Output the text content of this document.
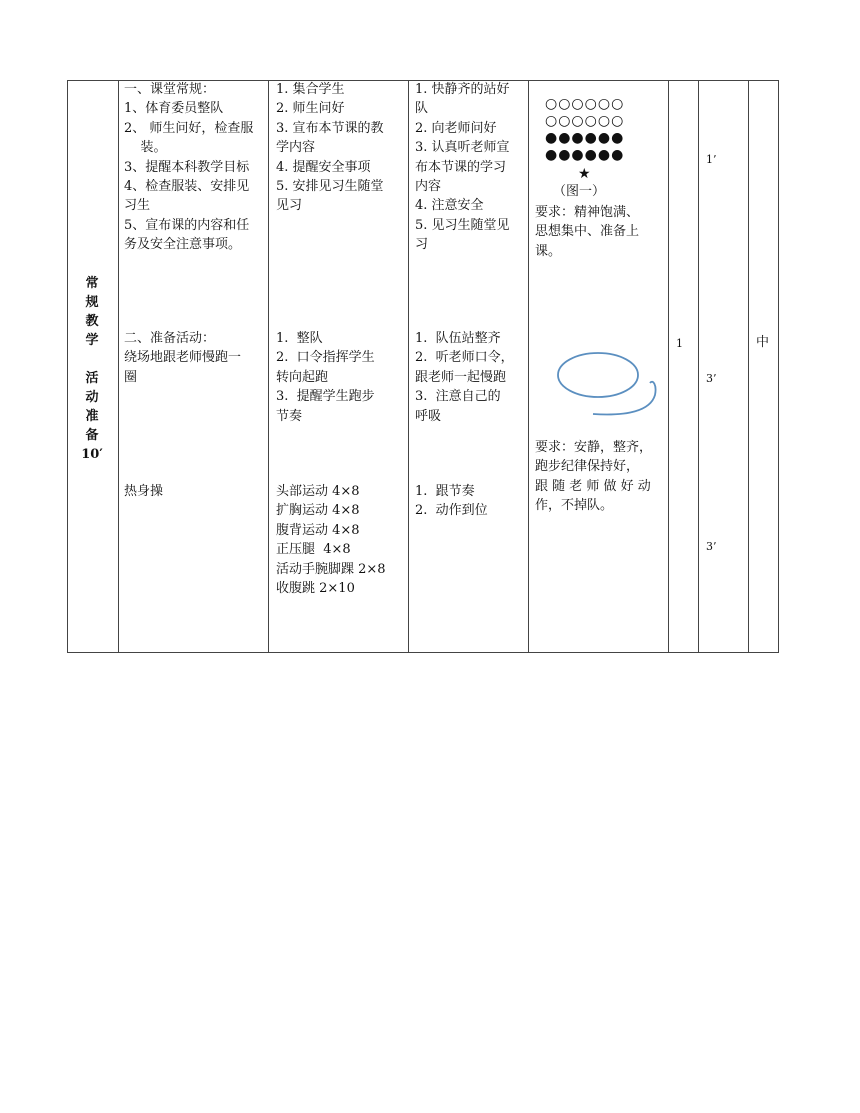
常
规
教
学

活
动
准
备
10′
一、课堂常规：
1、体育委员整队
2、 师生问好，检查服
装。
3、提醒本科教学目标
4、检查服装、安排见
习生
5、宣布课的内容和任
务及安全注意事项。
二、准备活动：
绕场地跟老师慢跑一
圈
热身操
1. 集合学生
2. 师生问好
3. 宣布本节课的教
学内容
4. 提醒安全事项
5. 安排见习生随堂
见习
1.  整队
2.  口令指挥学生
转向起跑
3.  提醒学生跑步
节奏
头部运动 4×8
扩胸运动 4×8
腹背运动 4×8
正压腿  4×8
活动手腕脚踝 2×8
收腹跳 2×10
1. 快静齐的站好
队
2. 向老师问好
3. 认真听老师宣
布本节课的学习
内容
4. 注意安全
5. 见习生随堂见
习
1.  队伍站整齐
2.  听老师口令，
跟老师一起慢跑
3.  注意自己的
呼吸
1.  跟节奏
2.  动作到位
○○○○○○
○○○○○○
●●●●●●
●●●●●●
★
（图一）
要求：精神饱满、
思想集中、准备上
课。
要求：安静，整齐，
跑步纪律保持好，
跟 随 老 师 做 好 动
作，不掉队。
1
1’
3’
3’
中
